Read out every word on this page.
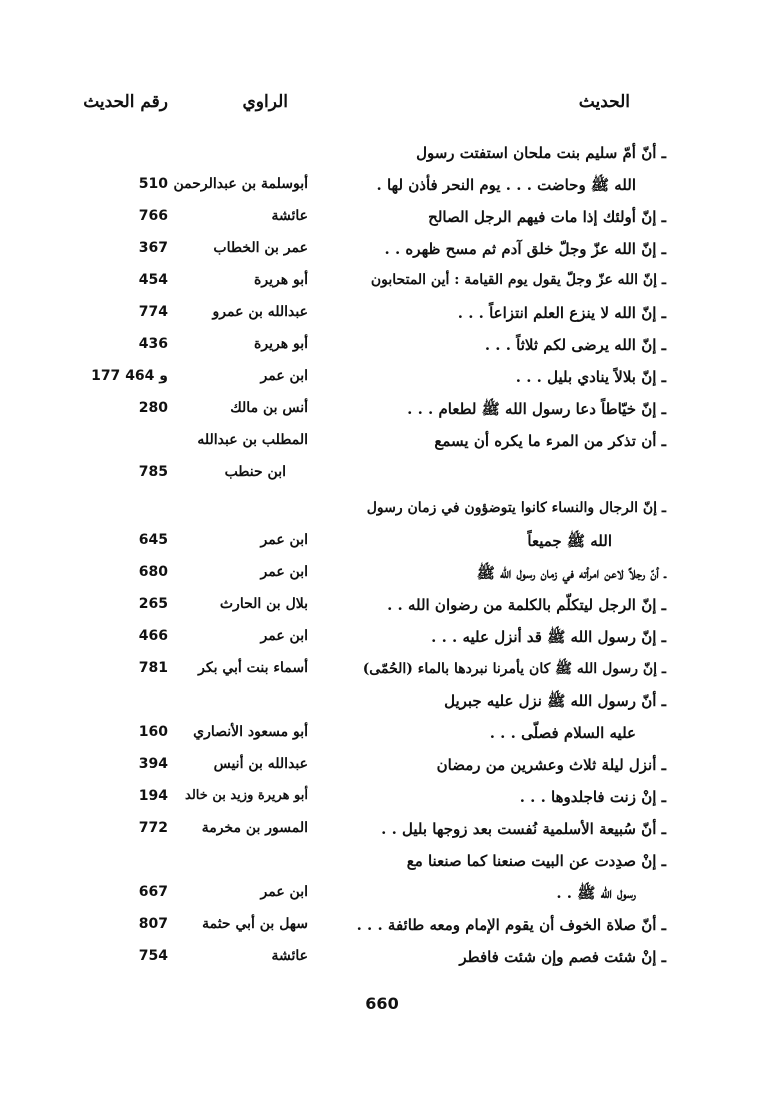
الحديث
الراوي
رقم الحديث
ـ أنّ أمّ سليم بنت ملحان استفتت رسول
الله ﷺ وحاضت . . . يوم النحر فأذن لها .
أبوسلمة بن عبدالرحمن
510
ـ إنّ أولئك إذا مات فيهم الرجل الصالح
عائشة
766
ـ إنّ الله عزّ وجلّ خلق آدم ثم مسح ظهره . .
عمر بن الخطاب
367
ـ إنّ الله عزّ وجلّ يقول يوم القيامة : أين المتحابون
أبو هريرة
454
ـ إنّ الله لا ينزع العلم انتزاعاً . . .
عبدالله بن عمرو
774
ـ إنّ الله يرضى لكم ثلاثاً . . .
أبو هريرة
436
ـ إنّ بلالاً ينادي بليل . . .
ابن عمر
177 و 464
ـ إنّ خيّاطاً دعا رسول الله ﷺ لطعام . . .
أنس بن مالك
280
ـ أن تذكر من المرء ما يكره أن يسمع
المطلب بن عبدالله
ابن حنطب
785
ـ إنّ الرجال والنساء كانوا يتوضؤون في زمان رسول
الله ﷺ جميعاً
ابن عمر
645
ـ أنّ رجلاً لاعن امرأته في زمان رسول الله ﷺ
ابن عمر
680
ـ إنّ الرجل ليتكلّم بالكلمة من رضوان الله . .
بلال بن الحارث
265
ـ إنّ رسول الله ﷺ قد أنزل عليه . . .
ابن عمر
466
ـ إنّ رسول الله ﷺ كان يأمرنا نبردها بالماء (الحُمّى)
أسماء بنت أبي بكر
781
ـ أنّ رسول الله ﷺ نزل عليه جبريل
عليه السلام فصلّى . . .
أبو مسعود الأنصاري
160
ـ أنزل ليلة ثلاث وعشرين من رمضان
عبدالله بن أنيس
394
ـ إنْ زنت فاجلدوها . . .
أبو هريرة وزيد بن خالد
194
ـ أنّ سُبيعة الأسلمية نُفست بعد زوجها بليل . .
المسور بن مخرمة
772
ـ إنْ صدِدت عن البيت صنعنا كما صنعنا مع
رسول الله ﷺ . .
ابن عمر
667
ـ أنّ صلاة الخوف أن يقوم الإمام ومعه طائفة . . .
سهل بن أبي حثمة
807
ـ إنْ شئت فصم وإن شئت فافطر
عائشة
754
660
